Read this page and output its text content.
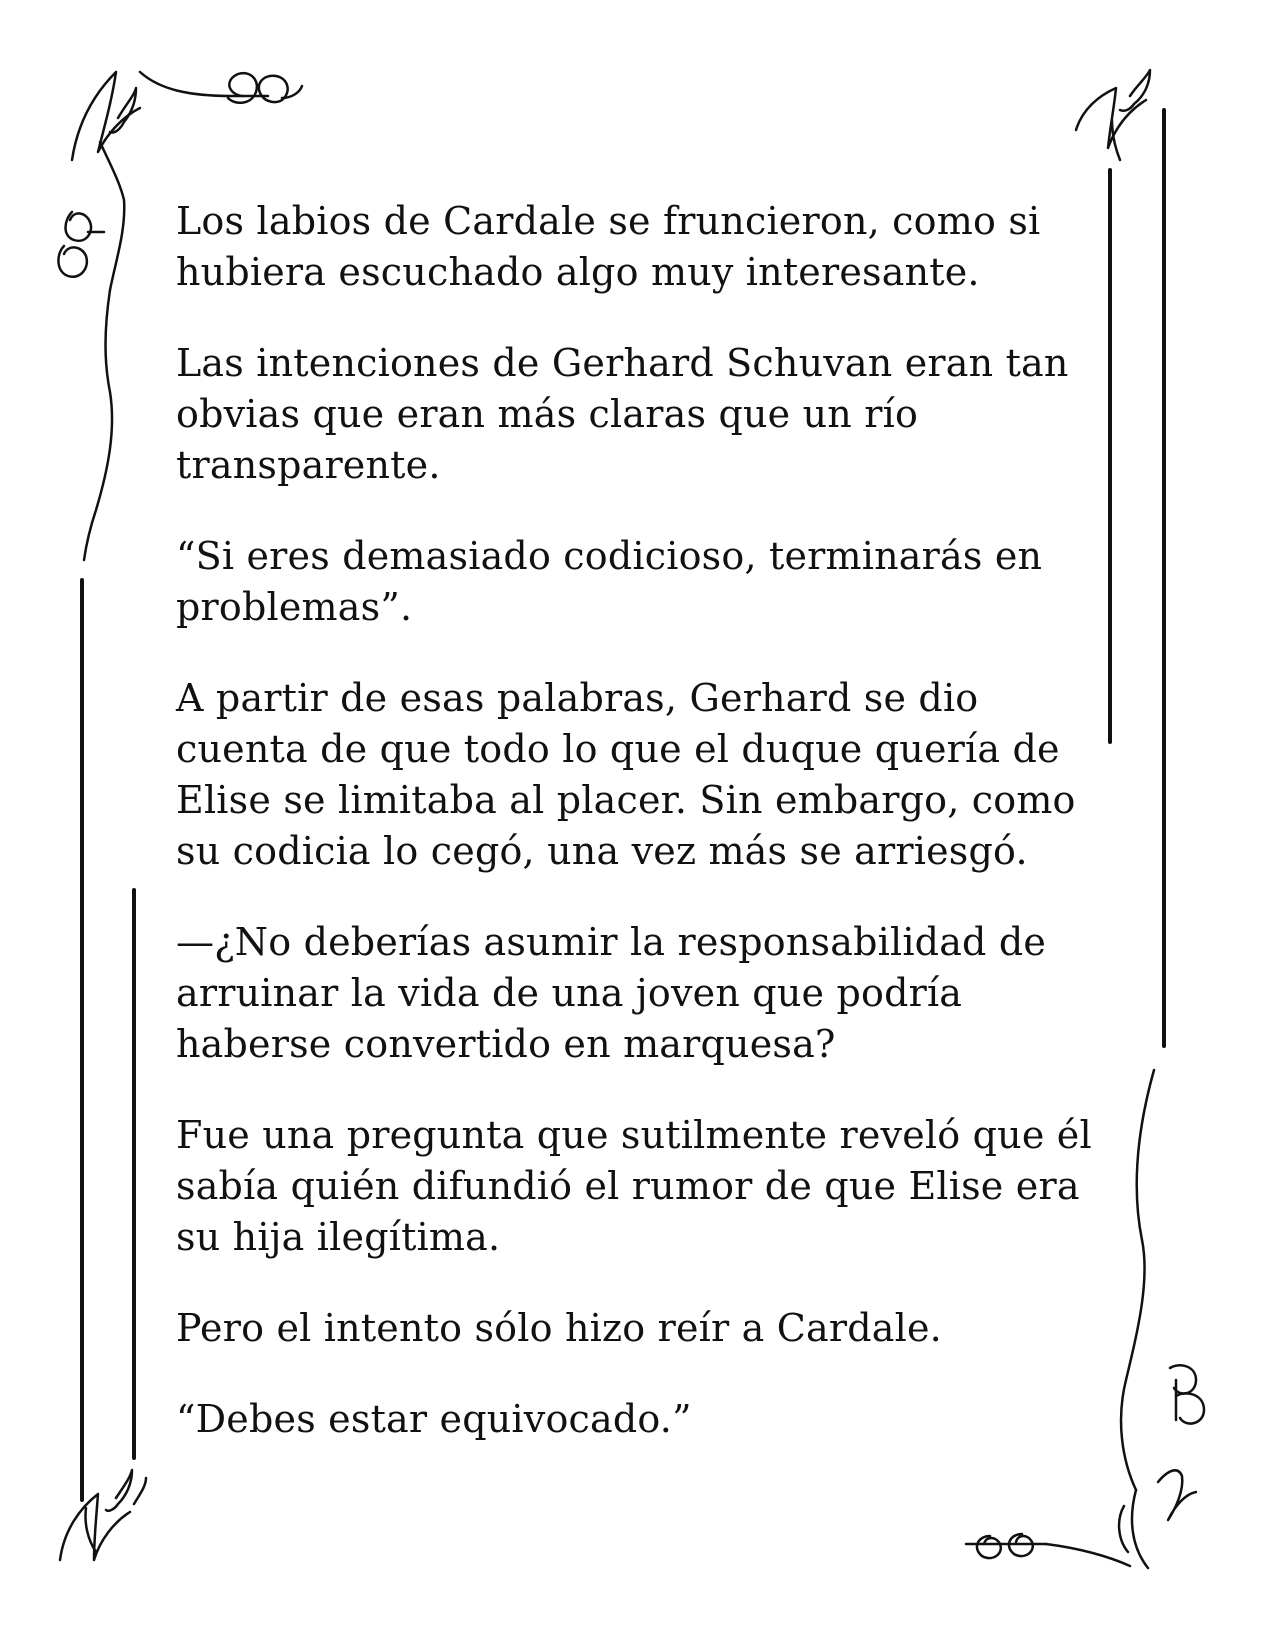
Los labios de Cardale se fruncieron, como si hubiera escuchado algo muy interesante.

Las intenciones de Gerhard Schuvan eran tan obvias que eran más claras que un río transparente.

“Si eres demasiado codicioso, terminarás en problemas”.

A partir de esas palabras, Gerhard se dio cuenta de que todo lo que el duque quería de Elise se limitaba al placer. Sin embargo, como su codicia lo cegó, una vez más se arriesgó.

—¿No deberías asumir la responsabilidad de arruinar la vida de una joven que podría haberse convertido en marquesa?

Fue una pregunta que sutilmente reveló que él sabía quién difundió el rumor de que Elise era su hija ilegítima.

Pero el intento sólo hizo reír a Cardale.

“Debes estar equivocado.”
